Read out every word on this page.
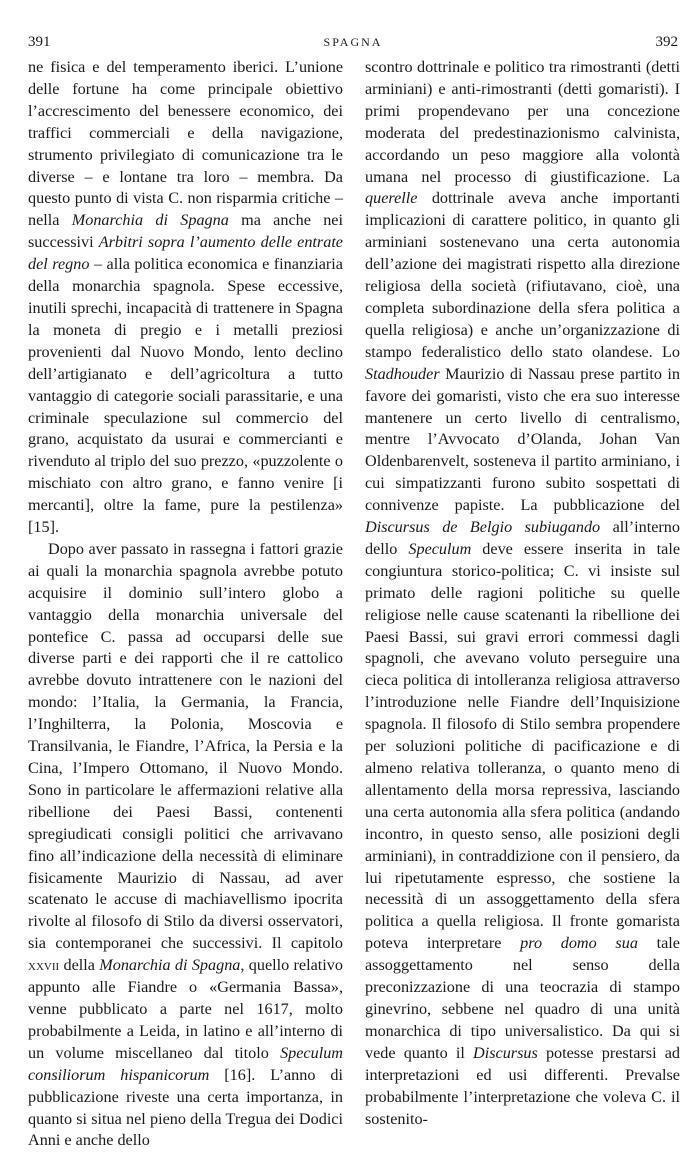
391	SPAGNA	392

ne fisica e del temperamento iberici. L’unione delle fortune ha come principale obiettivo l’accrescimento del benessere economico, dei traffici commerciali e della navigazione, strumento privilegiato di comunicazione tra le diverse – e lontane tra loro – membra. Da questo punto di vista C. non risparmia critiche – nella Monarchia di Spagna ma anche nei successivi Arbitri sopra l’aumento delle entrate del regno – alla politica economica e finanziaria della monarchia spagnola. Spese eccessive, inutili sprechi, incapacità di trattenere in Spagna la moneta di pregio e i metalli preziosi provenienti dal Nuovo Mondo, lento declino dell’artigianato e dell’agricoltura a tutto vantaggio di categorie sociali parassitarie, e una criminale speculazione sul commercio del grano, acquistato da usurai e commercianti e rivenduto al triplo del suo prezzo, «puzzolente o mischiato con altro grano, e fanno venire [i mercanti], oltre la fame, pure la pestilenza» [15].

Dopo aver passato in rassegna i fattori grazie ai quali la monarchia spagnola avrebbe potuto acquisire il dominio sull’intero globo a vantaggio della monarchia universale del pontefice C. passa ad occuparsi delle sue diverse parti e dei rapporti che il re cattolico avrebbe dovuto intrattenere con le nazioni del mondo: l’Italia, la Germania, la Francia, l’Inghilterra, la Polonia, Moscovia e Transilvania, le Fiandre, l’Africa, la Persia e la Cina, l’Impero Ottomano, il Nuovo Mondo. Sono in particolare le affermazioni relative alla ribellione dei Paesi Bassi, contenenti spregiudicati consigli politici che arrivavano fino all’indicazione della necessità di eliminare fisicamente Maurizio di Nassau, ad aver scatenato le accuse di machiavellismo ipocrita rivolte al filosofo di Stilo da diversi osservatori, sia contemporanei che successivi. Il capitolo xxvii della Monarchia di Spagna, quello relativo appunto alle Fiandre o «Germania Bassa», venne pubblicato a parte nel 1617, molto probabilmente a Leida, in latino e all’interno di un volume miscellaneo dal titolo Speculum consiliorum hispanicorum [16]. L’anno di pubblicazione riveste una certa importanza, in quanto si situa nel pieno della Tregua dei Dodici Anni e anche dello

scontro dottrinale e politico tra rimostranti (detti arminiani) e anti-rimostranti (detti gomaristi). I primi propendevano per una concezione moderata del predestinazionismo calvinista, accordando un peso maggiore alla volontà umana nel processo di giustificazione. La querelle dottrinale aveva anche importanti implicazioni di carattere politico, in quanto gli arminiani sostenevano una certa autonomia dell’azione dei magistrati rispetto alla direzione religiosa della società (rifiutavano, cioè, una completa subordinazione della sfera politica a quella religiosa) e anche un’organizzazione di stampo federalistico dello stato olandese. Lo Stadhouder Maurizio di Nassau prese partito in favore dei gomaristi, visto che era suo interesse mantenere un certo livello di centralismo, mentre l’Avvocato d’Olanda, Johan Van Oldenbarenvelt, sosteneva il partito arminiano, i cui simpatizzanti furono subito sospettati di connivenze papiste. La pubblicazione del Discursus de Belgio subiugando all’interno dello Speculum deve essere inserita in tale congiuntura storico-politica; C. vi insiste sul primato delle ragioni politiche su quelle religiose nelle cause scatenanti la ribellione dei Paesi Bassi, sui gravi errori commessi dagli spagnoli, che avevano voluto perseguire una cieca politica di intolleranza religiosa attraverso l’introduzione nelle Fiandre dell’Inquisizione spagnola. Il filosofo di Stilo sembra propendere per soluzioni politiche di pacificazione e di almeno relativa tolleranza, o quanto meno di allentamento della morsa repressiva, lasciando una certa autonomia alla sfera politica (andando incontro, in questo senso, alle posizioni degli arminiani), in contraddizione con il pensiero, da lui ripetutamente espresso, che sostiene la necessità di un assoggettamento della sfera politica a quella religiosa. Il fronte gomarista poteva interpretare pro domo sua tale assoggettamento nel senso della preconizzazione di una teocrazia di stampo ginevrino, sebbene nel quadro di una unità monarchica di tipo universalistico. Da qui si vede quanto il Discursus potesse prestarsi ad interpretazioni ed usi differenti. Prevalse probabilmente l’interpretazione che voleva C. il sostenito-
